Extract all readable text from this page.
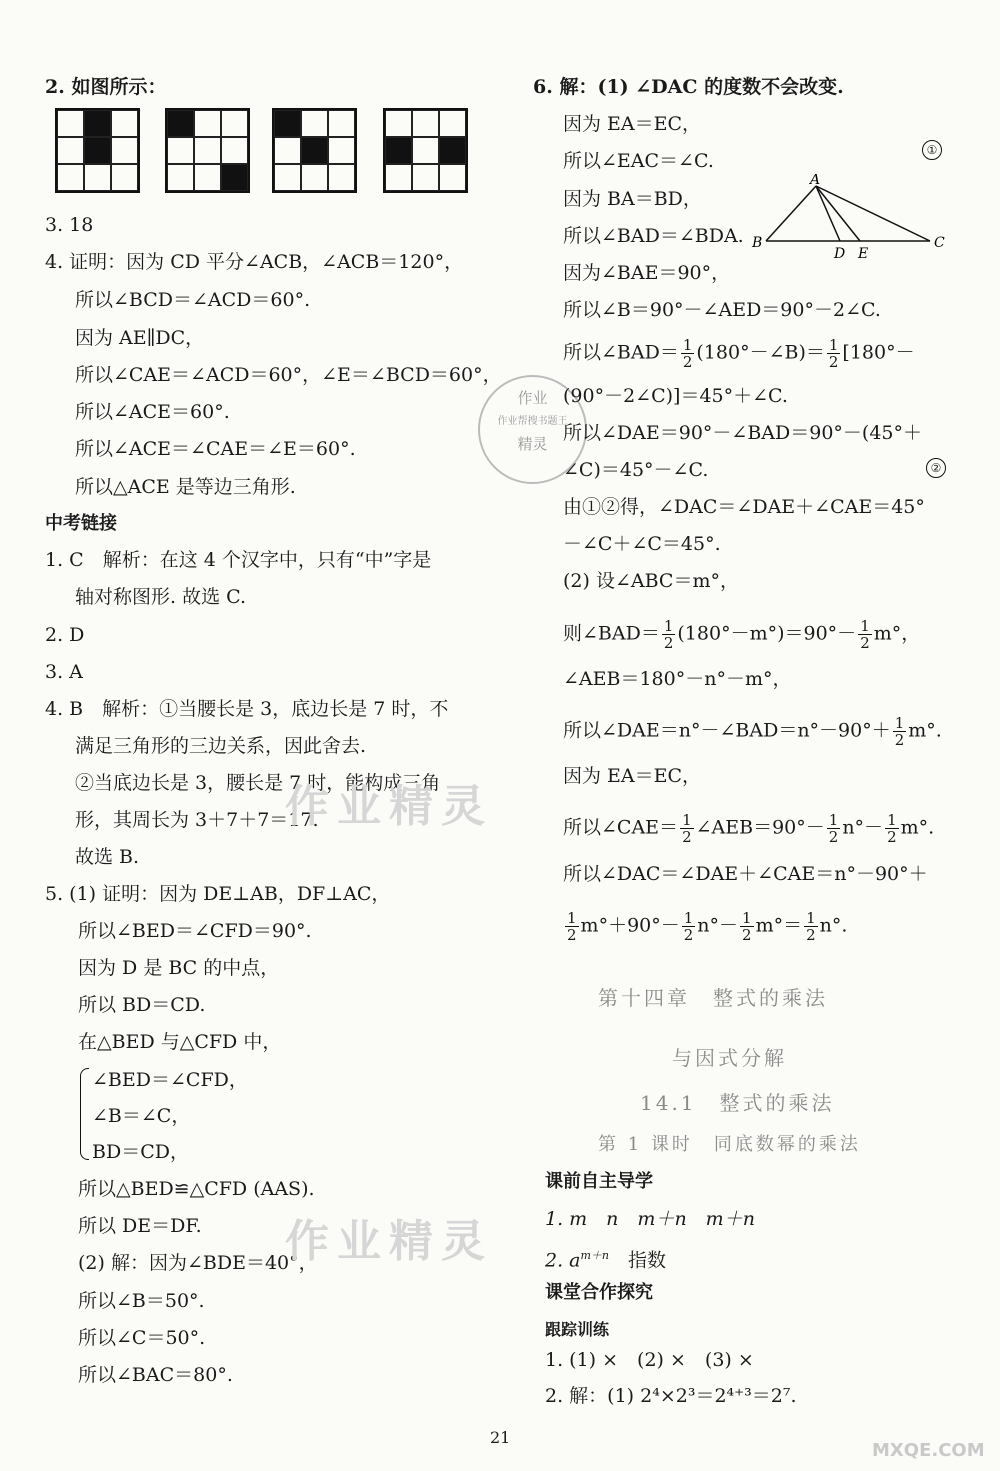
2. 如图所示：
3. 18
4. 证明：因为 CD 平分∠ACB，∠ACB＝120°，
所以∠BCD＝∠ACD＝60°.
因为 AE∥DC，
所以∠CAE＝∠ACD＝60°，∠E＝∠BCD＝60°，
所以∠ACE＝60°.
所以∠ACE＝∠CAE＝∠E＝60°.
所以△ACE 是等边三角形.
中考链接
1. C　解析：在这 4 个汉字中，只有“中”字是
轴对称图形. 故选 C.
2. D
3. A
4. B　解析：①当腰长是 3，底边长是 7 时，不
满足三角形的三边关系，因此舍去.
②当底边长是 3，腰长是 7 时，能构成三角
形，其周长为 3＋7＋7＝17.
故选 B.
5. (1) 证明：因为 DE⊥AB，DF⊥AC，
所以∠BED＝∠CFD＝90°.
因为 D 是 BC 的中点，
所以 BD＝CD.
在△BED 与△CFD 中，
∠BED＝∠CFD，
∠B＝∠C，
BD＝CD，
所以△BED≌△CFD (AAS).
所以 DE＝DF.
(2) 解：因为∠BDE＝40°，
所以∠B＝50°.
所以∠C＝50°.
所以∠BAC＝80°.
作业精灵
作业精灵
作业
作业帮搜书题王
精灵
6. 解：(1) ∠DAC 的度数不会改变.
因为 EA＝EC，
所以∠EAC＝∠C.	①
因为 BA＝BD，
所以∠BAD＝∠BDA.
A
B
D E
C
因为∠BAE＝90°，
所以∠B＝90°－∠AED＝90°－2∠C.
所以∠BAD＝ $\frac{1}{2}$ (180°－∠B)＝ $\frac{1}{2} [180^\circ-$
(90°－2∠C)]＝45°＋∠C.
所以∠DAE＝90°－∠BAD＝90°－(45°＋
∠C)＝45°－∠C.	②
由①②得，∠DAC＝∠DAE＋∠CAE＝45°
－∠C＋∠C＝45°.
(2) 设∠ABC＝m°，
则∠BAD＝ $\frac{1}{2} (180^\circ-m^\circ)=90^\circ- \frac{1}{2} m^\circ$，
∠AEB＝180°－n°－m°，
所以∠DAE＝n°－∠BAD＝n°－90°＋ $\frac{1}{2} m^\circ$.
因为 EA＝EC，
所以∠CAE＝ $\frac{1}{2}$ ∠AEB＝90°－ $\frac{1}{2} n^\circ- \frac{1}{2} m^\circ$.
所以∠DAC＝∠DAE＋∠CAE＝n°－90°＋
$\frac{1}{2} m^\circ+90^\circ- \frac{1}{2} n^\circ- \frac{1}{2} m^\circ= \frac{1}{2} n^\circ$.
第十四章　整式的乘法
与因式分解
14.1　整式的乘法
第 1 课时　同底数幂的乘法
课前自主导学
1. m　n　m＋n　m＋n
2. $a^{m+n}$　指数
课堂合作探究
跟踪训练
1. (1) ×　(2) ×　(3) ×
2. 解：(1) 2⁴×2³＝2⁴⁺³＝2⁷.
21
MXQE.COM
